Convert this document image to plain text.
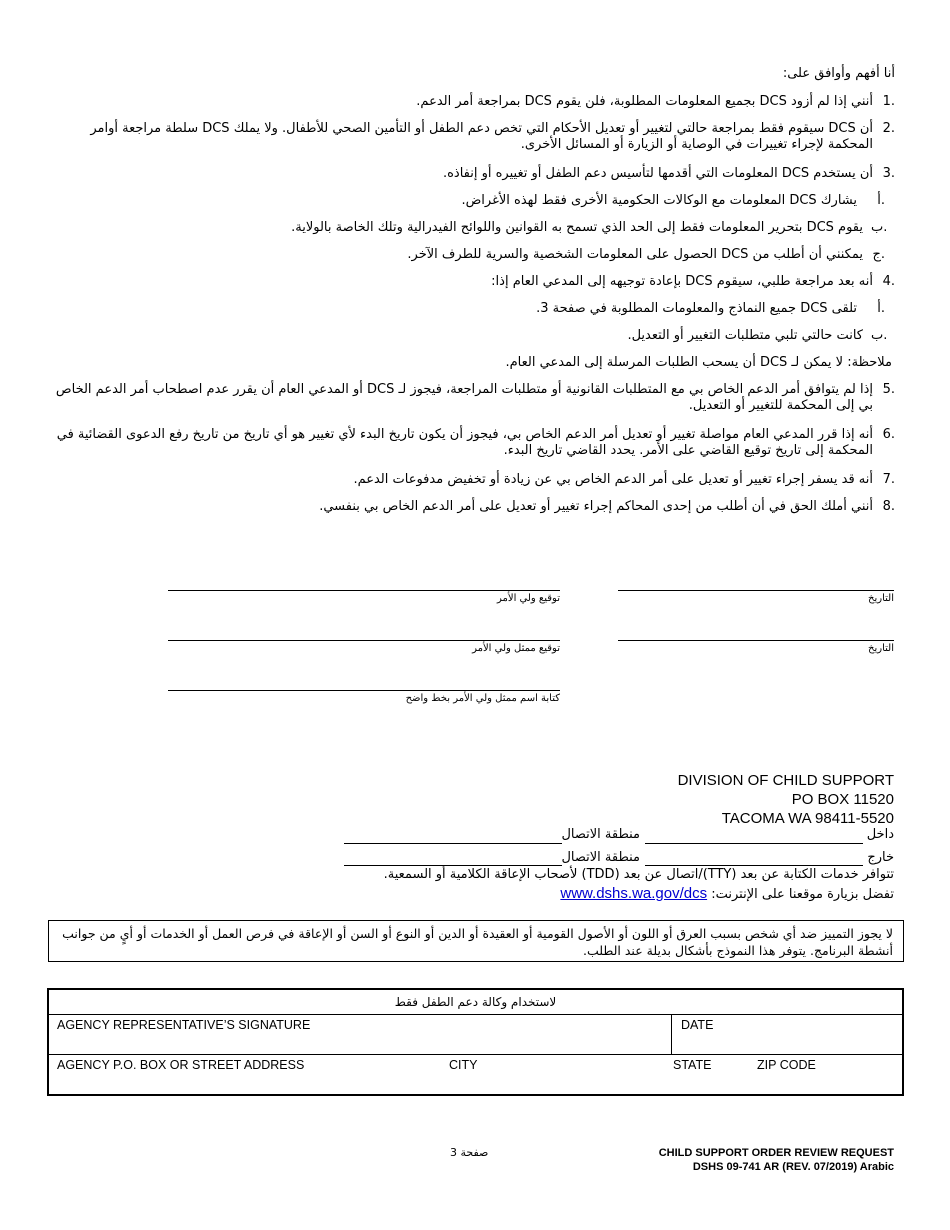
أنا أفهم وأوافق على:
1.
أنني إذا لم أزود DCS بجميع المعلومات المطلوبة، فلن يقوم DCS بمراجعة أمر الدعم.
2.
أن DCS سيقوم فقط بمراجعة حالتي لتغيير أو تعديل الأحكام التي تخص دعم الطفل أو التأمين الصحي للأطفال. ولا يملك DCS سلطة مراجعة أوامر المحكمة لإجراء تغييرات في الوصاية أو الزيارة أو المسائل الأخرى.
3.
أن يستخدم DCS المعلومات التي أقدمها لتأسيس دعم الطفل أو تغييره أو إنفاذه.
أ.
يشارك DCS المعلومات مع الوكالات الحكومية الأخرى فقط لهذه الأغراض.
ب.
يقوم DCS بتحرير المعلومات فقط إلى الحد الذي تسمح به القوانين واللوائح الفيدرالية وتلك الخاصة بالولاية.
ج.
يمكنني أن أطلب من DCS الحصول على المعلومات الشخصية والسرية للطرف الآخر.
4.
أنه بعد مراجعة طلبي، سيقوم DCS بإعادة توجيهه إلى المدعي العام إذا:
أ.
تلقى DCS جميع النماذج والمعلومات المطلوبة في صفحة 3.
ب.
كانت حالتي تلبي متطلبات التغيير أو التعديل.
ملاحظة: لا يمكن لـ DCS أن يسحب الطلبات المرسلة إلى المدعي العام.
5.
إذا لم يتوافق أمر الدعم الخاص بي مع المتطلبات القانونية أو متطلبات المراجعة، فيجوز لـ DCS أو المدعي العام أن يقرر عدم اصطحاب أمر الدعم الخاص بي إلى المحكمة للتغيير أو التعديل.
6.
أنه إذا قرر المدعي العام مواصلة تغيير أو تعديل أمر الدعم الخاص بي، فيجوز أن يكون تاريخ البدء لأي تغيير هو أي تاريخ من تاريخ رفع الدعوى القضائية في المحكمة إلى تاريخ توقيع القاضي على الأمر. يحدد القاضي تاريخ البدء.
7.
أنه قد يسفر إجراء تغيير أو تعديل على أمر الدعم الخاص بي عن زيادة أو تخفيض مدفوعات الدعم.
8.
أنني أملك الحق في أن أطلب من إحدى المحاكم إجراء تغيير أو تعديل على أمر الدعم الخاص بي بنفسي.
توقيع ولي الأمر	التاريخ
توقيع ممثل ولي الأمر	التاريخ
كتابة اسم ممثل ولي الأمر بخط واضح
DIVISION OF CHILD SUPPORT
PO BOX 11520
TACOMA WA 98411-5520
داخل
منطقة الاتصال
خارج
منطقة الاتصال
تتوافر خدمات الكتابة عن بعد (TTY)/اتصال عن بعد (TDD) لأصحاب الإعاقة الكلامية أو السمعية.
تفضل بزيارة موقعنا على الإنترنت: www.dshs.wa.gov/dcs
لا يجوز التمييز ضد أي شخص بسبب العرق أو اللون أو الأصول القومية أو العقيدة أو الدين أو النوع أو السن أو الإعاقة في فرص العمل أو الخدمات أو أيٍ من جوانب أنشطة البرنامج. يتوفر هذا النموذج بأشكال بديلة عند الطلب.
لاستخدام وكالة دعم الطفل فقط
AGENCY REPRESENTATIVE’S SIGNATURE	DATE
AGENCY P.O. BOX OR STREET ADDRESS	CITY	STATE	ZIP CODE
صفحة 3	CHILD SUPPORT ORDER REVIEW REQUEST
DSHS 09-741 AR (REV. 07/2019) Arabic
